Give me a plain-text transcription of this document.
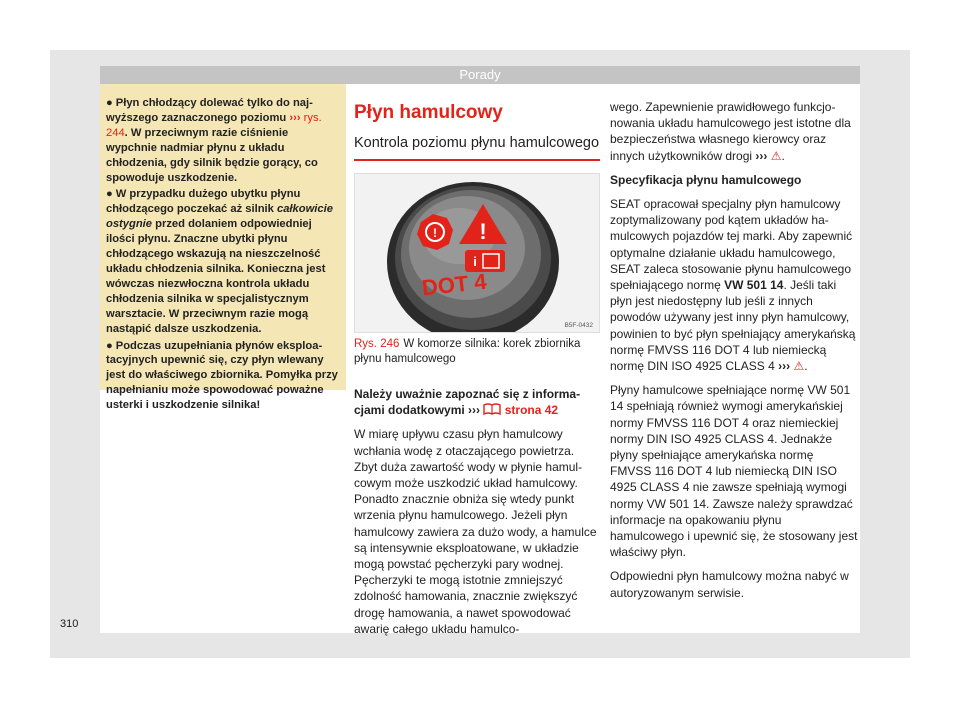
Porady

● Płyn chłodzący dolewać tylko do najwyższego zaznaczonego poziomu ››› rys. 244. W przeciwnym razie ciśnienie wypchnie nadmiar płynu z układu chłodzenia, gdy silnik będzie gorący, co spowoduje uszkodzenie.

● W przypadku dużego ubytku płynu chłodzącego poczekać aż silnik całkowicie ostygnie przed dolaniem odpowiedniej ilości płynu. Znaczne ubytki płynu chłodzącego wskazują na nieszczelność układu chłodzenia silnika. Konieczna jest wówczas niezwłoczna kontrola układu chłodzenia silnika w specjalistycznym warsztacie. W przeciwnym razie mogą nastąpić dalsze uszkodzenia.

● Podczas uzupełniania płynów eksploatacyjnych upewnić się, czy płyn wlewany jest do właściwego zbiornika. Pomyłka przy napełnianiu może spowodować poważne usterki i uszkodzenie silnika!

Płyn hamulcowy
Kontrola poziomu płynu hamulcowego
! !
i
DOT 4
B5F-0432
Rys. 246 W komorze silnika: korek zbiornika płynu hamulcowego
Należy uważnie zapoznać się z informacjami dodatkowymi ››› strona 42

W miarę upływu czasu płyn hamulcowy wchłania wodę z otaczającego powietrza. Zbyt duża zawartość wody w płynie hamulcowym może uszkodzić układ hamulcowy. Ponadto znacznie obniża się wtedy punkt wrzenia płynu hamulcowego. Jeżeli płyn hamulcowy zawiera za dużo wody, a hamulce są intensywnie eksploatowane, w układzie mogą powstać pęcherzyki pary wodnej. Pęcherzyki te mogą istotnie zmniejszyć zdolność hamowania, znacznie zwiększyć drogę hamowania, a nawet spowodować awarię całego układu hamulco-

wego. Zapewnienie prawidłowego funkcjonowania układu hamulcowego jest istotne dla bezpieczeństwa własnego kierowcy oraz innych użytkowników drogi ››› ⚠.

Specyfikacja płynu hamulcowego

SEAT opracował specjalny płyn hamulcowy zoptymalizowany pod kątem układów hamulcowych pojazdów tej marki. Aby zapewnić optymalne działanie układu hamulcowego, SEAT zaleca stosowanie płynu hamulcowego spełniającego normę VW 501 14. Jeśli taki płyn jest niedostępny lub jeśli z innych powodów używany jest inny płyn hamulcowy, powinien to być płyn spełniający amerykańską normę FMVSS 116 DOT 4 lub niemiecką normę DIN ISO 4925 CLASS 4 ››› ⚠.

Płyny hamulcowe spełniające normę VW 501 14 spełniają również wymogi amerykańskiej normy FMVSS 116 DOT 4 oraz niemieckiej normy DIN ISO 4925 CLASS 4. Jednakże płyny spełniające amerykańska normę FMVSS 116 DOT 4 lub niemiecką DIN ISO 4925 CLASS 4 nie zawsze spełniają wymogi normy VW 501 14. Zawsze należy sprawdzać informacje na opakowaniu płynu hamulcowego i upewnić się, że stosowany jest właściwy płyn.

Odpowiedni płyn hamulcowy można nabyć w autoryzowanym serwisie.

310
